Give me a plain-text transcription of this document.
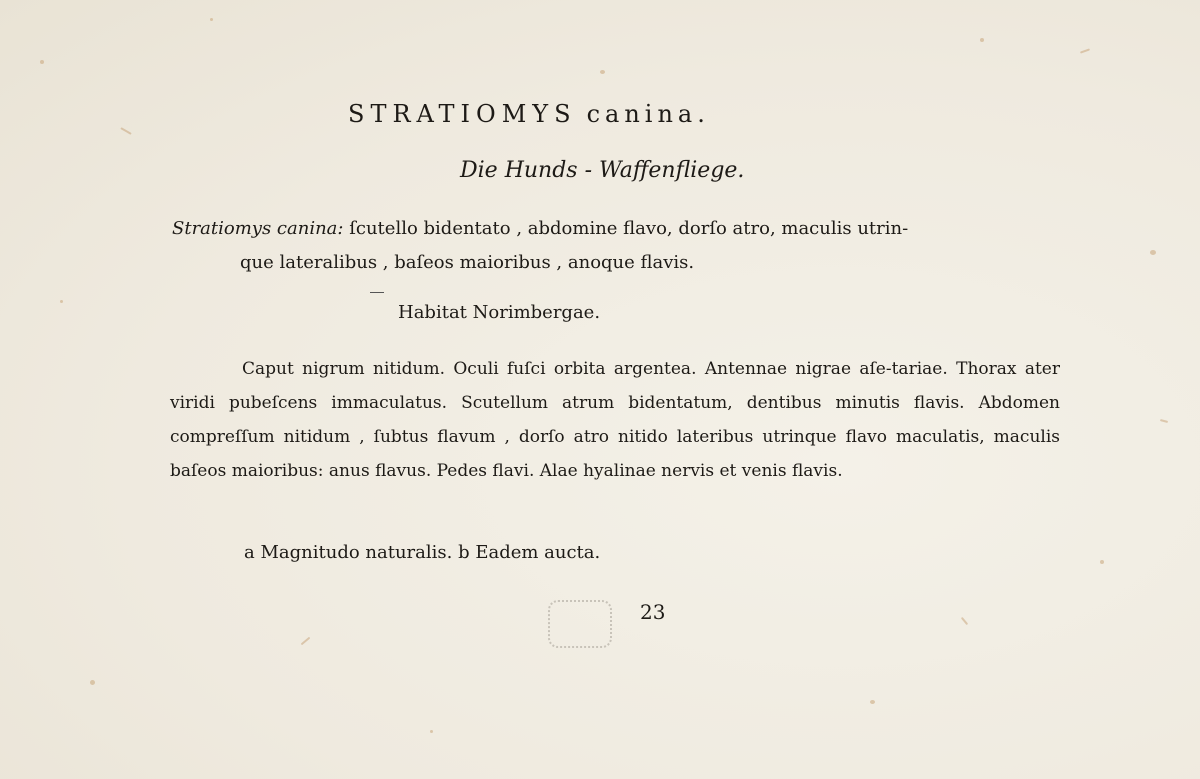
STRATIOMYS canina.
Die Hunds - Waffenfliege.
Stratiomys canina: ſcutello bidentato , abdomine flavo, dorſo atro, maculis utrin-
que lateralibus , baſeos maioribus , anoque flavis.
Habitat Norimbergae.

Caput nigrum nitidum. Oculi fuſci orbita argentea. Antennae nigrae aſe-tariae. Thorax ater viridi pubeſcens immaculatus. Scutellum atrum bidentatum, dentibus minutis flavis. Abdomen compreſſum nitidum , ſubtus flavum , dorſo atro nitido lateribus utrinque flavo maculatis, maculis baſeos maioribus: anus flavus. Pedes flavi. Alae hyalinae nervis et venis flavis.

a Magnitudo naturalis. b Eadem aucta.
23
